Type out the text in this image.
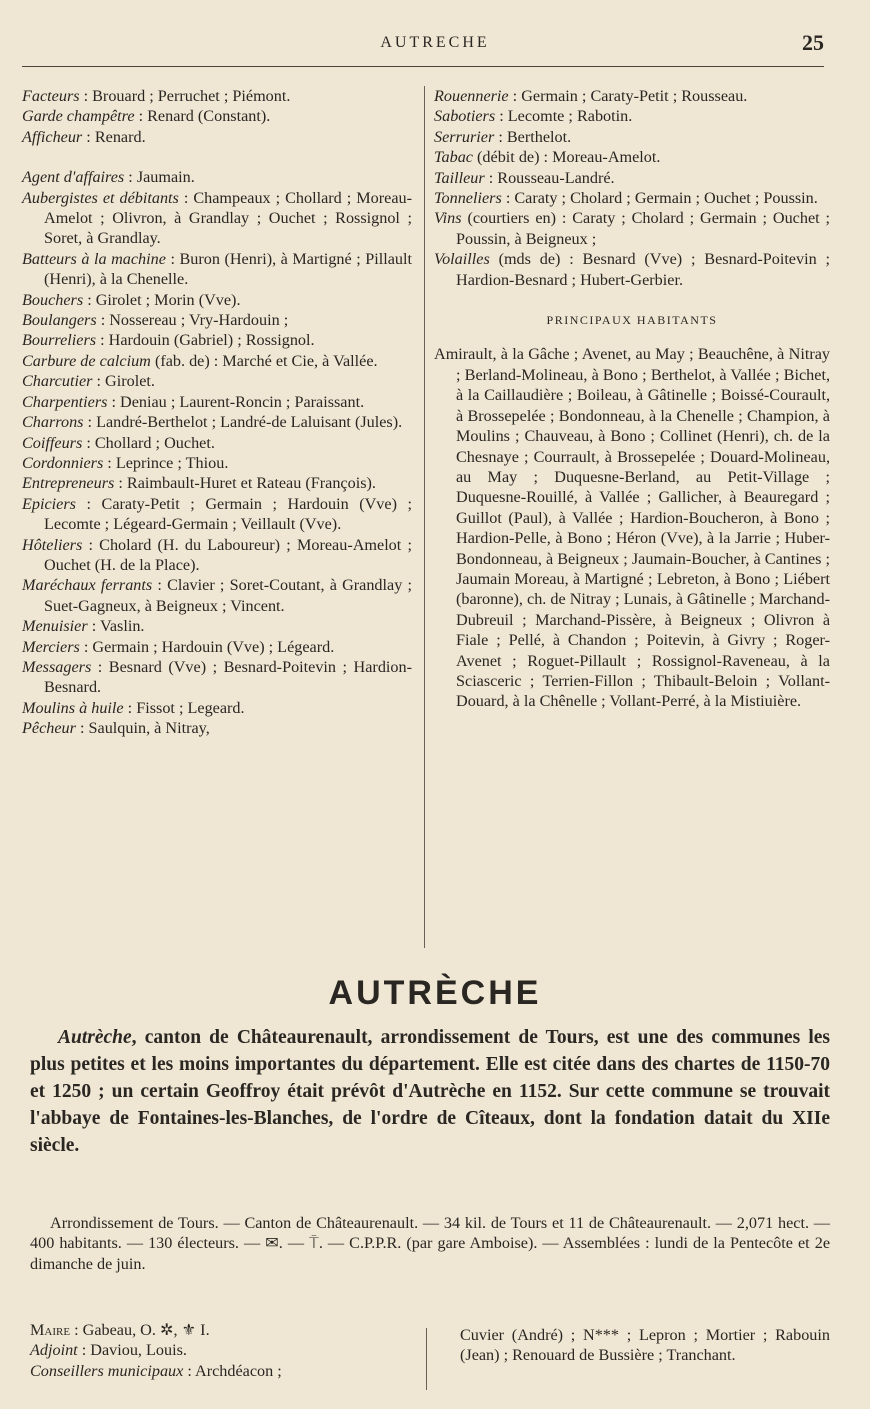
AUTRECHE	25
Facteurs : Brouard ; Perruchet ; Piémont.
Garde champêtre : Renard (Constant).
Afficheur : Renard.
Agent d'affaires : Jaumain.
Aubergistes et débitants : Champeaux ; Chollard ; Moreau-Amelot ; Olivron, à Grandlay ; Ouchet ; Rossignol ; Soret, à Grandlay.
Batteurs à la machine : Buron (Henri), à Martigné ; Pillault (Henri), à la Chenelle.
Bouchers : Girolet ; Morin (Vve).
Boulangers : Nossereau ; Vry-Hardouin ;
Bourreliers : Hardouin (Gabriel) ; Rossignol.
Carbure de calcium (fab. de) : Marché et Cie, à Vallée.
Charcutier : Girolet.
Charpentiers : Deniau ; Laurent-Roncin ; Paraissant.
Charrons : Landré-Berthelot ; Landré-de Laluisant (Jules).
Coiffeurs : Chollard ; Ouchet.
Cordonniers : Leprince ; Thiou.
Entrepreneurs : Raimbault-Huret et Rateau (François).
Epiciers : Caraty-Petit ; Germain ; Hardouin (Vve) ; Lecomte ; Légeard-Germain ; Veillault (Vve).
Hôteliers : Cholard (H. du Laboureur) ; Moreau-Amelot ; Ouchet (H. de la Place).
Maréchaux ferrants : Clavier ; Soret-Coutant, à Grandlay ; Suet-Gagneux, à Beigneux ; Vincent.
Menuisier : Vaslin.
Merciers : Germain ; Hardouin (Vve) ; Légeard.
Messagers : Besnard (Vve) ; Besnard-Poitevin ; Hardion-Besnard.
Moulins à huile : Fissot ; Legeard.
Pêcheur : Saulquin, à Nitray,
Rouennerie : Germain ; Caraty-Petit ; Rousseau.
Sabotiers : Lecomte ; Rabotin.
Serrurier : Berthelot.
Tabac (débit de) : Moreau-Amelot.
Tailleur : Rousseau-Landré.
Tonneliers : Caraty ; Cholard ; Germain ; Ouchet ; Poussin.
Vins (courtiers en) : Caraty ; Cholard ; Germain ; Ouchet ; Poussin, à Beigneux ;
Volailles (mds de) : Besnard (Vve) ; Besnard-Poitevin ; Hardion-Besnard ; Hubert-Gerbier.
PRINCIPAUX HABITANTS
Amirault, à la Gâche ; Avenet, au May ; Beauchêne, à Nitray ; Berland-Molineau, à Bono ; Berthelot, à Vallée ; Bichet, à la Caillaudière ; Boileau, à Gâtinelle ; Boissé-Courault, à Brossepelée ; Bondonneau, à la Chenelle ; Champion, à Moulins ; Chauveau, à Bono ; Collinet (Henri), ch. de la Chesnaye ; Courrault, à Brossepelée ; Douard-Molineau, au May ; Duquesne-Berland, au Petit-Village ; Duquesne-Rouillé, à Vallée ; Gallicher, à Beauregard ; Guillot (Paul), à Vallée ; Hardion-Boucheron, à Bono ; Hardion-Pelle, à Bono ; Héron (Vve), à la Jarrie ; Huber-Bondonneau, à Beigneux ; Jaumain-Boucher, à Cantines ; Jaumain Moreau, à Martigné ; Lebreton, à Bono ; Liébert (baronne), ch. de Nitray ; Lunais, à Gâtinelle ; Marchand-Dubreuil ; Marchand-Pissère, à Beigneux ; Olivron à Fiale ; Pellé, à Chandon ; Poitevin, à Givry ; Roger-Avenet ; Roguet-Pillault ; Rossignol-Raveneau, à la Sciasceric ; Terrien-Fillon ; Thibault-Beloin ; Vollant-Douard, à la Chênelle ; Vollant-Perré, à la Mistiuière.
AUTRÈCHE
Autrèche, canton de Châteaurenault, arrondissement de Tours, est une des communes les plus petites et les moins importantes du département. Elle est citée dans des chartes de 1150-70 et 1250 ; un certain Geoffroy était prévôt d'Autrèche en 1152. Sur cette commune se trouvait l'abbaye de Fontaines-les-Blanches, de l'ordre de Cîteaux, dont la fondation datait du XIIe siècle.
Arrondissement de Tours. — Canton de Châteaurenault. — 34 kil. de Tours et 11 de Châteaurenault. — 2,071 hect. — 400 habitants. — 130 électeurs. — ✉. — ⍑. — C.P.P.R. (par gare Amboise). — Assemblées : lundi de la Pentecôte et 2e dimanche de juin.
Maire : Gabeau, O. ✲, ⚜ I.
Adjoint : Daviou, Louis.
Conseillers municipaux : Archdéacon ;
Cuvier (André) ; N*** ; Lepron ; Mortier ; Rabouin (Jean) ; Renouard de Bussière ; Tranchant.
